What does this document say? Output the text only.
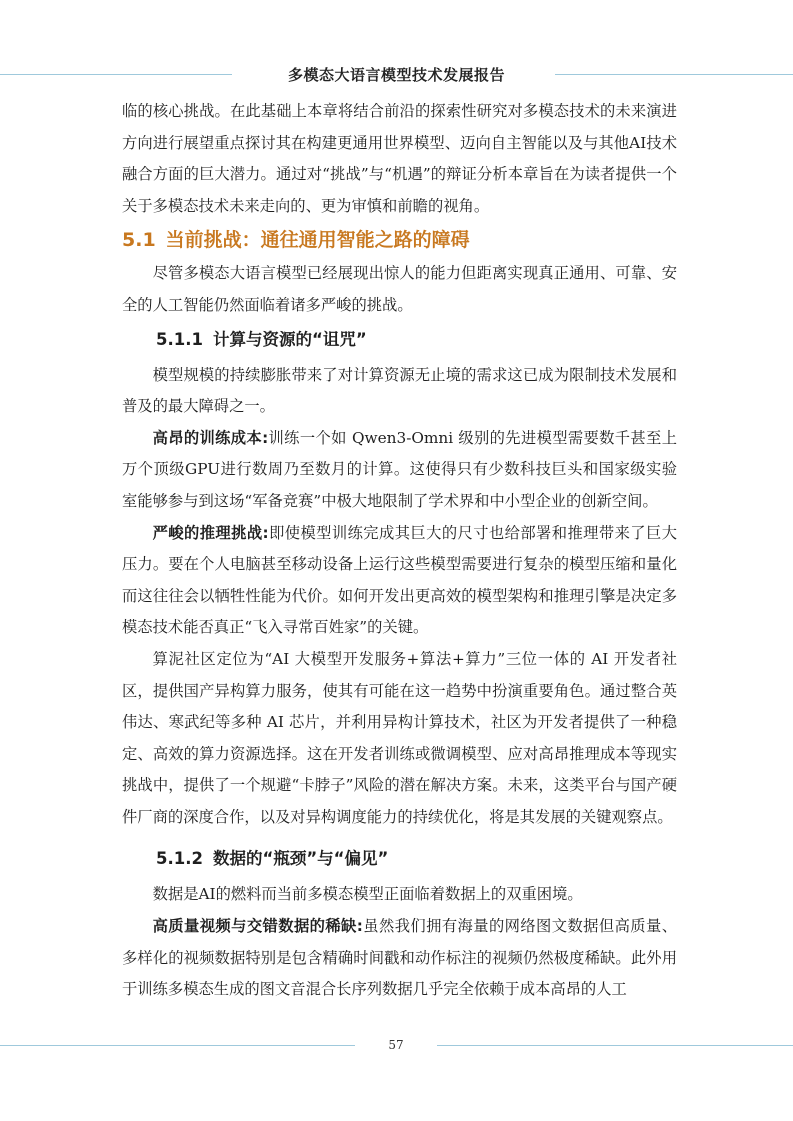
多模态大语言模型技术发展报告

临的核心挑战。在此基础上本章将结合前沿的探索性研究对多模态技术的未来演进方向进行展望重点探讨其在构建更通用世界模型、迈向自主智能以及与其他AI技术融合方面的巨大潜力。通过对“挑战”与“机遇”的辩证分析本章旨在为读者提供一个关于多模态技术未来走向的、更为审慎和前瞻的视角。

5.1 当前挑战：通往通用智能之路的障碍

尽管多模态大语言模型已经展现出惊人的能力但距离实现真正通用、可靠、安全的人工智能仍然面临着诸多严峻的挑战。

5.1.1 计算与资源的“诅咒”

模型规模的持续膨胀带来了对计算资源无止境的需求这已成为限制技术发展和普及的最大障碍之一。

高昂的训练成本:训练一个如 Qwen3-Omni 级别的先进模型需要数千甚至上万个顶级GPU进行数周乃至数月的计算。这使得只有少数科技巨头和国家级实验室能够参与到这场“军备竞赛”中极大地限制了学术界和中小型企业的创新空间。

严峻的推理挑战:即使模型训练完成其巨大的尺寸也给部署和推理带来了巨大压力。要在个人电脑甚至移动设备上运行这些模型需要进行复杂的模型压缩和量化而这往往会以牺牲性能为代价。如何开发出更高效的模型架构和推理引擎是决定多模态技术能否真正“飞入寻常百姓家”的关键。

算泥社区定位为“AI 大模型开发服务+算法+算力”三位一体的 AI 开发者社区，提供国产异构算力服务，使其有可能在这一趋势中扮演重要角色。通过整合英伟达、寒武纪等多种 AI 芯片，并利用异构计算技术，社区为开发者提供了一种稳定、高效的算力资源选择。这在开发者训练或微调模型、应对高昂推理成本等现实挑战中，提供了一个规避“卡脖子”风险的潜在解决方案。未来，这类平台与国产硬件厂商的深度合作，以及对异构调度能力的持续优化，将是其发展的关键观察点。

5.1.2 数据的“瓶颈”与“偏见”

数据是AI的燃料而当前多模态模型正面临着数据上的双重困境。

高质量视频与交错数据的稀缺:虽然我们拥有海量的网络图文数据但高质量、多样化的视频数据特别是包含精确时间戳和动作标注的视频仍然极度稀缺。此外用于训练多模态生成的图文音混合长序列数据几乎完全依赖于成本高昂的人工

57
